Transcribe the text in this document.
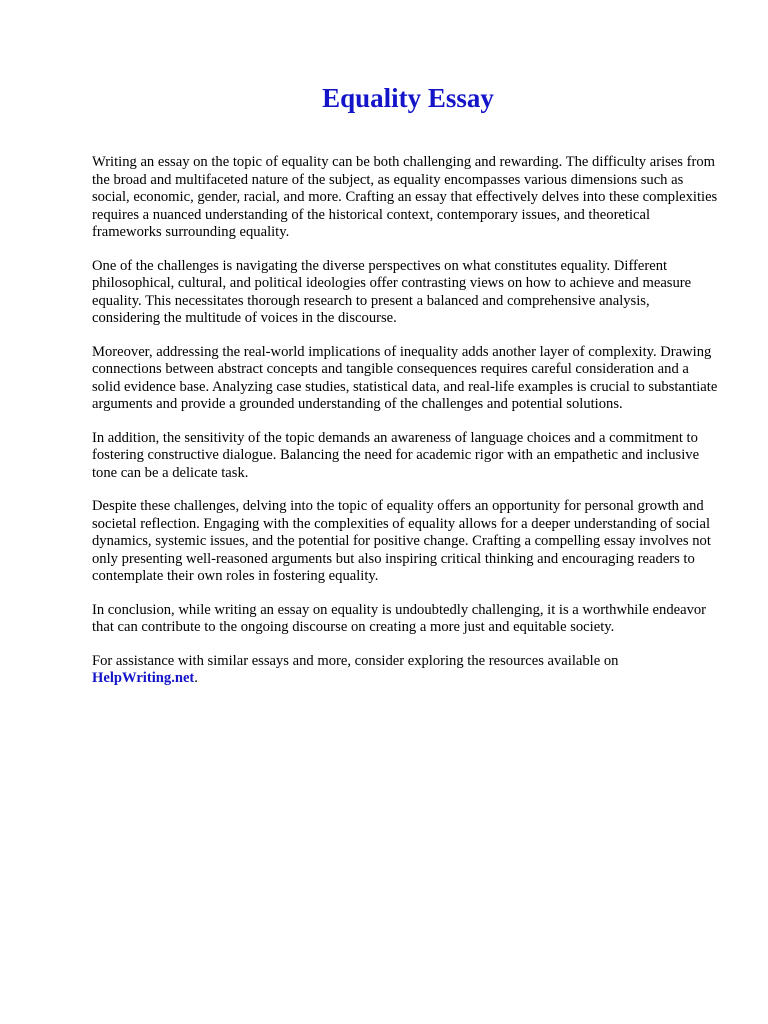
Equality Essay

Writing an essay on the topic of equality can be both challenging and rewarding. The difficulty arises from the broad and multifaceted nature of the subject, as equality encompasses various dimensions such as social, economic, gender, racial, and more. Crafting an essay that effectively delves into these complexities requires a nuanced understanding of the historical context, contemporary issues, and theoretical frameworks surrounding equality.

One of the challenges is navigating the diverse perspectives on what constitutes equality. Different philosophical, cultural, and political ideologies offer contrasting views on how to achieve and measure equality. This necessitates thorough research to present a balanced and comprehensive analysis, considering the multitude of voices in the discourse.

Moreover, addressing the real-world implications of inequality adds another layer of complexity. Drawing connections between abstract concepts and tangible consequences requires careful consideration and a solid evidence base. Analyzing case studies, statistical data, and real-life examples is crucial to substantiate arguments and provide a grounded understanding of the challenges and potential solutions.

In addition, the sensitivity of the topic demands an awareness of language choices and a commitment to fostering constructive dialogue. Balancing the need for academic rigor with an empathetic and inclusive tone can be a delicate task.

Despite these challenges, delving into the topic of equality offers an opportunity for personal growth and societal reflection. Engaging with the complexities of equality allows for a deeper understanding of social dynamics, systemic issues, and the potential for positive change. Crafting a compelling essay involves not only presenting well-reasoned arguments but also inspiring critical thinking and encouraging readers to contemplate their own roles in fostering equality.

In conclusion, while writing an essay on equality is undoubtedly challenging, it is a worthwhile endeavor that can contribute to the ongoing discourse on creating a more just and equitable society.

For assistance with similar essays and more, consider exploring the resources available on
HelpWriting.net.
